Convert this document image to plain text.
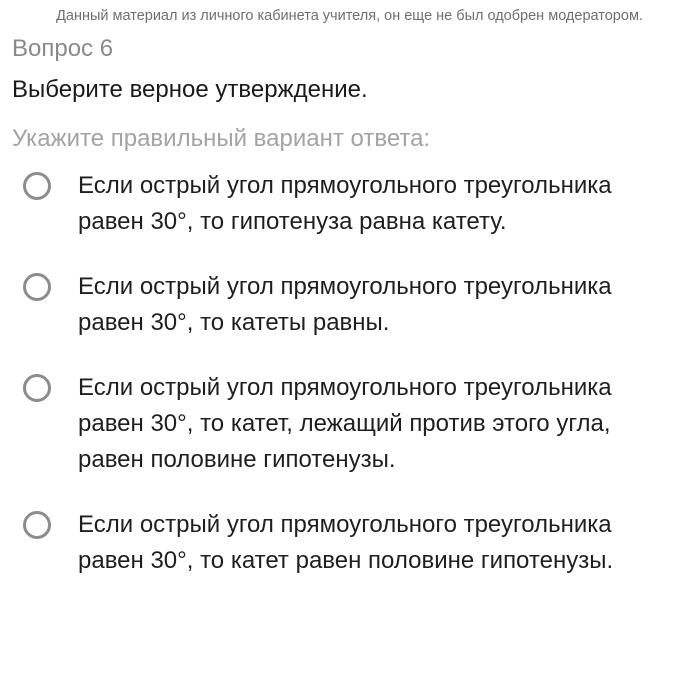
Данный материал из личного кабинета учителя, он еще не был одобрен модератором.
Вопрос 6
Выберите верное утверждение.
Укажите правильный вариант ответа:
Если острый угол прямоугольного треугольника равен 30°, то гипотенуза равна катету.
Если острый угол прямоугольного треугольника равен 30°, то катеты равны.
Если острый угол прямоугольного треугольника равен 30°, то катет, лежащий против этого угла, равен половине гипотенузы.
Если острый угол прямоугольного треугольника равен 30°, то катет равен половине гипотенузы.
